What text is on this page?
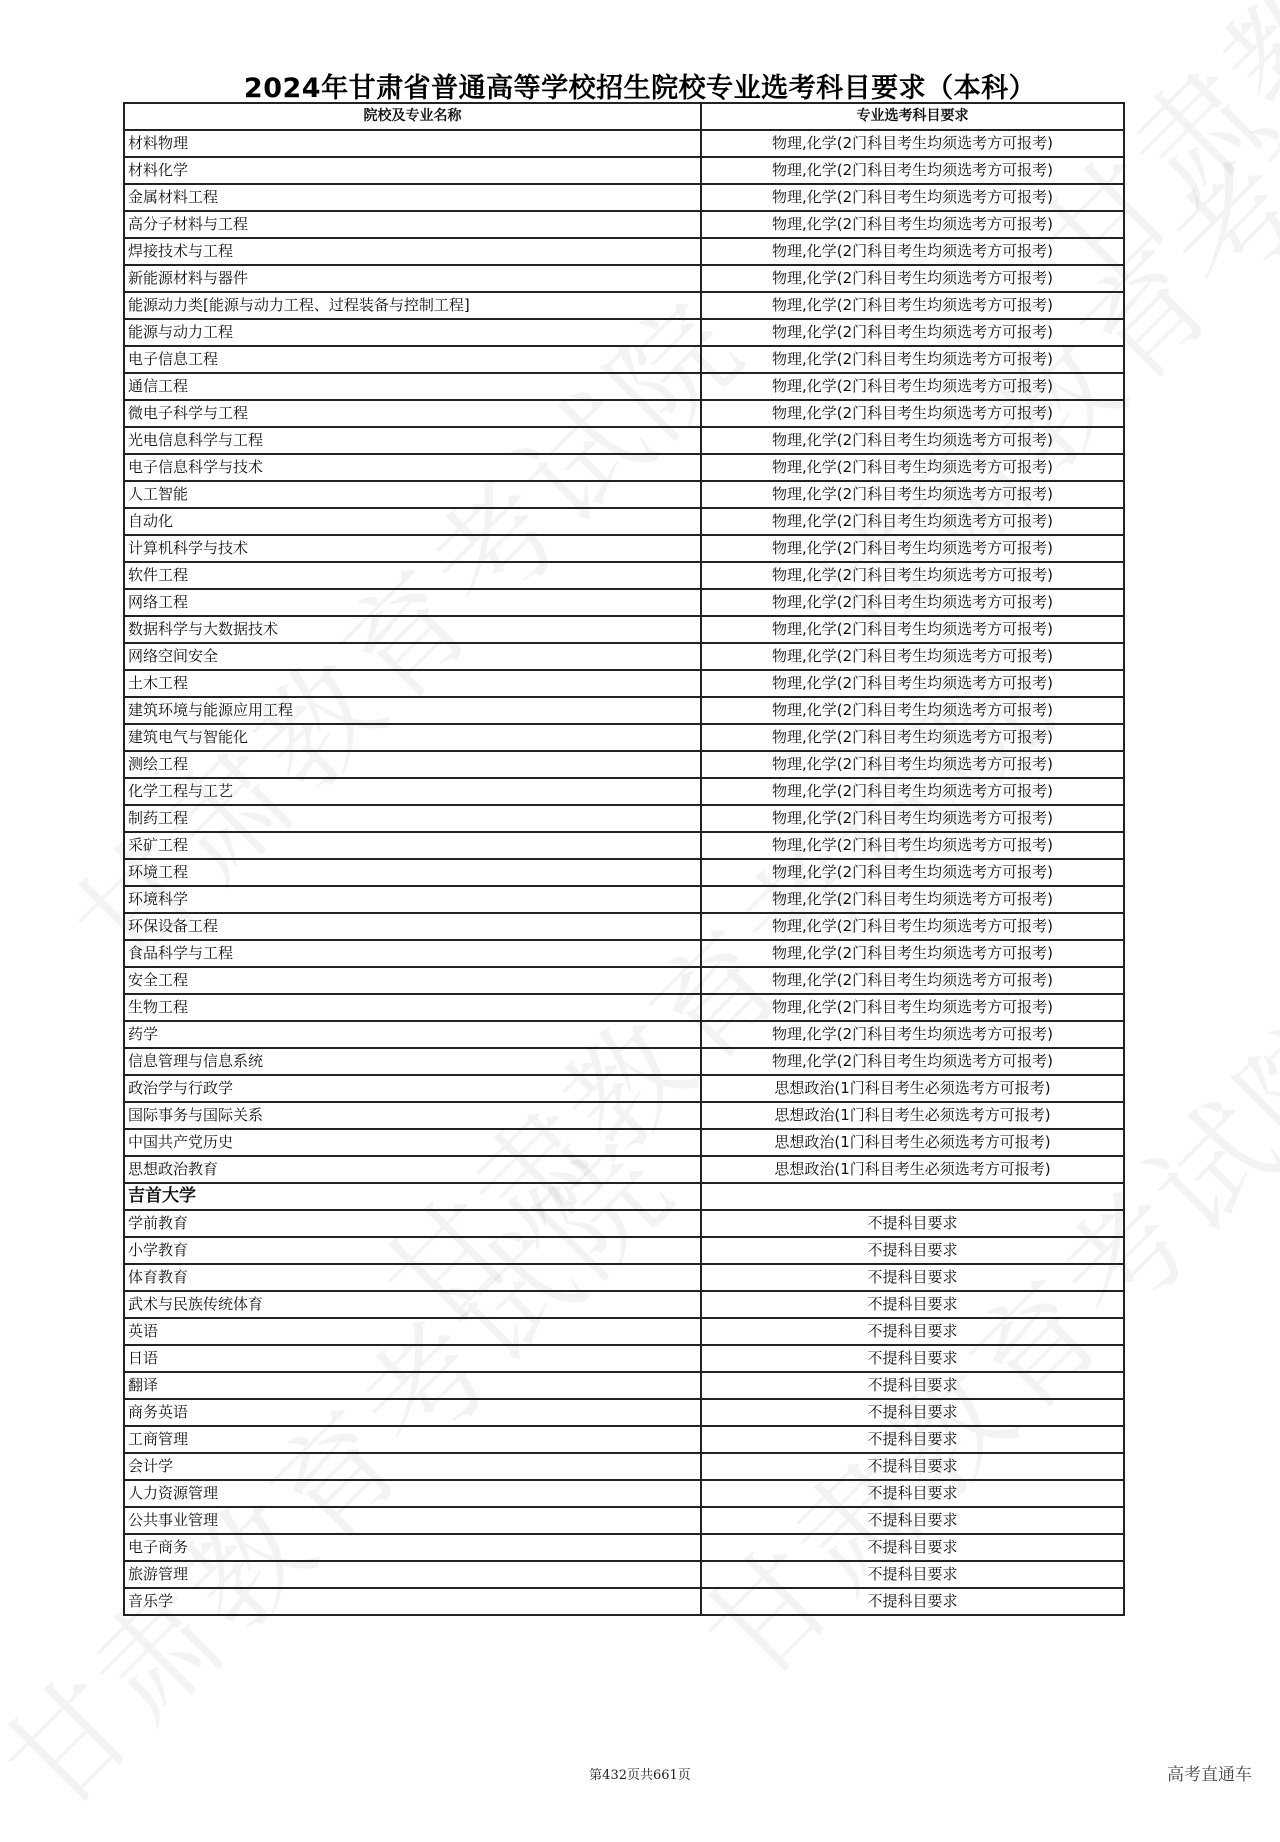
2024年甘肃省普通高等学校招生院校专业选考科目要求（本科）
院校及专业名称	专业选考科目要求
材料物理	物理,化学(2门科目考生均须选考方可报考)
材料化学	物理,化学(2门科目考生均须选考方可报考)
金属材料工程	物理,化学(2门科目考生均须选考方可报考)
高分子材料与工程	物理,化学(2门科目考生均须选考方可报考)
焊接技术与工程	物理,化学(2门科目考生均须选考方可报考)
新能源材料与器件	物理,化学(2门科目考生均须选考方可报考)
能源动力类[能源与动力工程、过程装备与控制工程]	物理,化学(2门科目考生均须选考方可报考)
能源与动力工程	物理,化学(2门科目考生均须选考方可报考)
电子信息工程	物理,化学(2门科目考生均须选考方可报考)
通信工程	物理,化学(2门科目考生均须选考方可报考)
微电子科学与工程	物理,化学(2门科目考生均须选考方可报考)
光电信息科学与工程	物理,化学(2门科目考生均须选考方可报考)
电子信息科学与技术	物理,化学(2门科目考生均须选考方可报考)
人工智能	物理,化学(2门科目考生均须选考方可报考)
自动化	物理,化学(2门科目考生均须选考方可报考)
计算机科学与技术	物理,化学(2门科目考生均须选考方可报考)
软件工程	物理,化学(2门科目考生均须选考方可报考)
网络工程	物理,化学(2门科目考生均须选考方可报考)
数据科学与大数据技术	物理,化学(2门科目考生均须选考方可报考)
网络空间安全	物理,化学(2门科目考生均须选考方可报考)
土木工程	物理,化学(2门科目考生均须选考方可报考)
建筑环境与能源应用工程	物理,化学(2门科目考生均须选考方可报考)
建筑电气与智能化	物理,化学(2门科目考生均须选考方可报考)
测绘工程	物理,化学(2门科目考生均须选考方可报考)
化学工程与工艺	物理,化学(2门科目考生均须选考方可报考)
制药工程	物理,化学(2门科目考生均须选考方可报考)
采矿工程	物理,化学(2门科目考生均须选考方可报考)
环境工程	物理,化学(2门科目考生均须选考方可报考)
环境科学	物理,化学(2门科目考生均须选考方可报考)
环保设备工程	物理,化学(2门科目考生均须选考方可报考)
食品科学与工程	物理,化学(2门科目考生均须选考方可报考)
安全工程	物理,化学(2门科目考生均须选考方可报考)
生物工程	物理,化学(2门科目考生均须选考方可报考)
药学	物理,化学(2门科目考生均须选考方可报考)
信息管理与信息系统	物理,化学(2门科目考生均须选考方可报考)
政治学与行政学	思想政治(1门科目考生必须选考方可报考)
国际事务与国际关系	思想政治(1门科目考生必须选考方可报考)
中国共产党历史	思想政治(1门科目考生必须选考方可报考)
思想政治教育	思想政治(1门科目考生必须选考方可报考)
吉首大学	
学前教育	不提科目要求
小学教育	不提科目要求
体育教育	不提科目要求
武术与民族传统体育	不提科目要求
英语	不提科目要求
日语	不提科目要求
翻译	不提科目要求
商务英语	不提科目要求
工商管理	不提科目要求
会计学	不提科目要求
人力资源管理	不提科目要求
公共事业管理	不提科目要求
电子商务	不提科目要求
旅游管理	不提科目要求
音乐学	不提科目要求
第432页共661页	高考直通车
